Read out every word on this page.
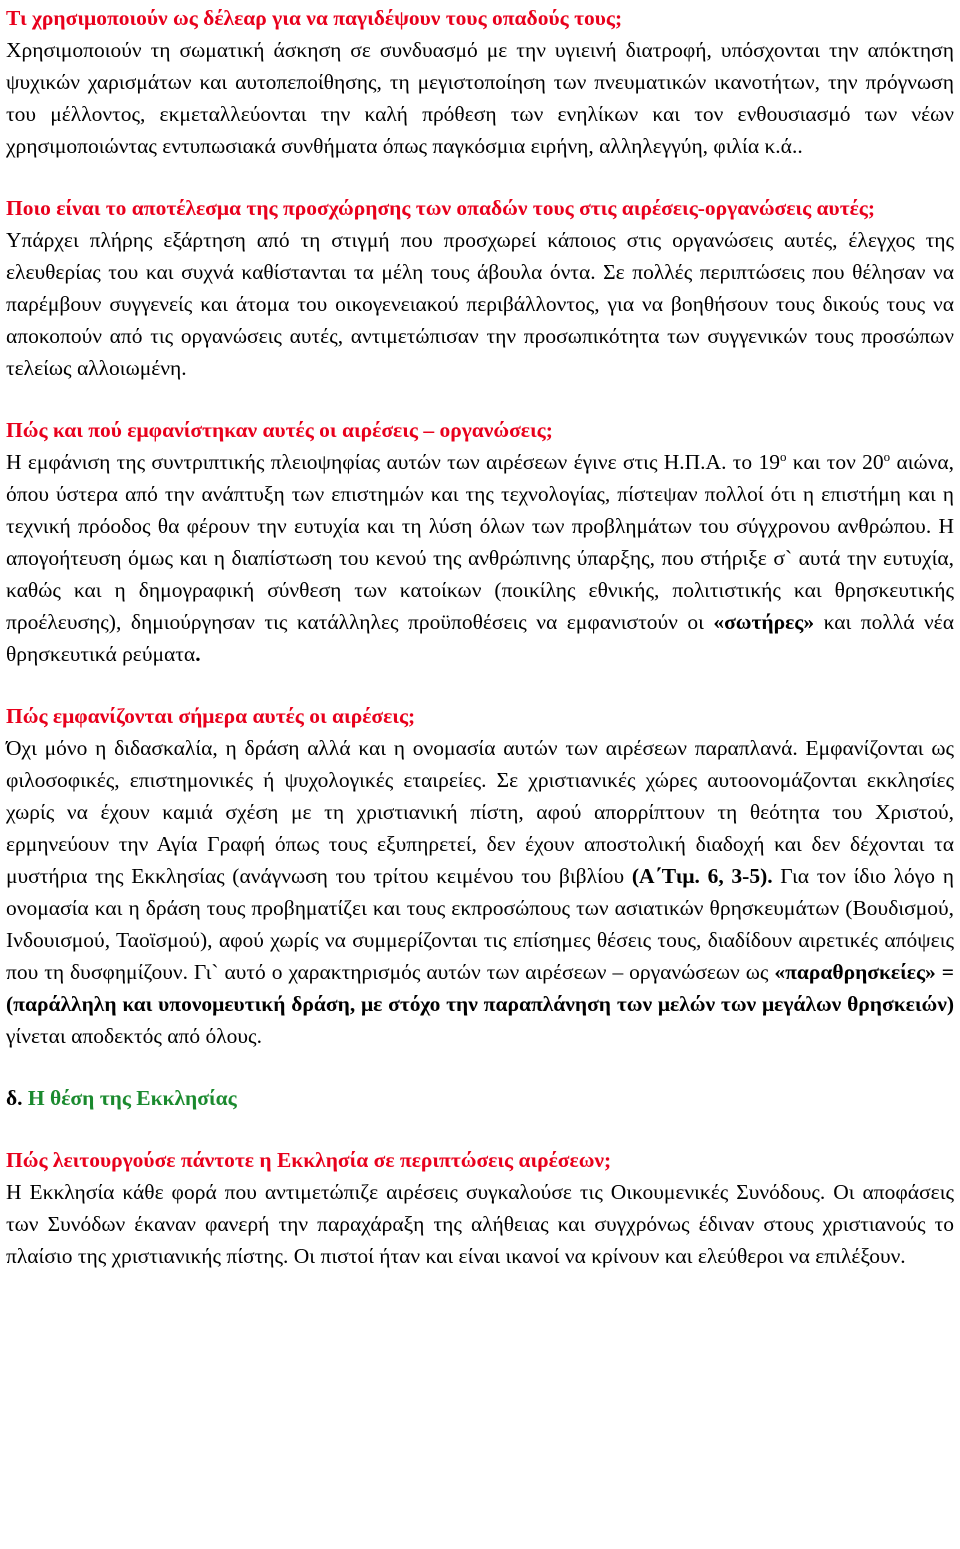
Τι χρησιμοποιούν ως δέλεαρ για να παγιδέψουν τους οπαδούς τους;

Χρησιμοποιούν τη σωματική άσκηση σε συνδυασμό με την υγιεινή διατροφή, υπόσχονται την απόκτηση ψυχικών χαρισμάτων και αυτοπεποίθησης, τη μεγιστοποίηση των πνευματικών ικανοτήτων, την πρόγνωση του μέλλοντος, εκμεταλλεύονται την καλή πρόθεση των ενηλίκων και τον ενθουσιασμό των νέων χρησιμοποιώντας εντυπωσιακά συνθήματα όπως παγκόσμια ειρήνη, αλληλεγγύη, φιλία κ.ά..

Ποιο είναι το αποτέλεσμα της προσχώρησης των οπαδών τους στις αιρέσεις-οργανώσεις αυτές;

Υπάρχει πλήρης εξάρτηση από τη στιγμή που προσχωρεί κάποιος στις οργανώσεις αυτές, έλεγχος της ελευθερίας του και συχνά καθίστανται τα μέλη τους άβουλα όντα. Σε πολλές περιπτώσεις που θέλησαν να παρέμβουν συγγενείς και άτομα του οικογενειακού περιβάλλοντος, για να βοηθήσουν τους δικούς τους να αποκοπούν από τις οργανώσεις αυτές, αντιμετώπισαν την προσωπικότητα των συγγενικών τους προσώπων τελείως αλλοιωμένη.

Πώς και πού εμφανίστηκαν αυτές οι αιρέσεις – οργανώσεις;

Η εμφάνιση της συντριπτικής πλειοψηφίας αυτών των αιρέσεων έγινε στις Η.Π.Α. το $19^o$ και τον $20^o$ αιώνα, όπου ύστερα από την ανάπτυξη των επιστημών και της τεχνολογίας, πίστεψαν πολλοί ότι η επιστήμη και η τεχνική πρόοδος θα φέρουν την ευτυχία και τη λύση όλων των προβλημάτων του σύγχρονου ανθρώπου. Η απογοήτευση όμως και η διαπίστωση του κενού της ανθρώπινης ύπαρξης, που στήριξε σ` αυτά την ευτυχία, καθώς και η δημογραφική σύνθεση των κατοίκων (ποικίλης εθνικής, πολιτιστικής και θρησκευτικής προέλευσης), δημιούργησαν τις κατάλληλες προϋποθέσεις να εμφανιστούν οι «σωτήρες» και πολλά νέα θρησκευτικά ρεύματα.

Πώς εμφανίζονται σήμερα αυτές οι αιρέσεις;

Όχι μόνο η διδασκαλία, η δράση αλλά και η ονομασία αυτών των αιρέσεων παραπλανά. Εμφανίζονται ως φιλοσοφικές, επιστημονικές ή ψυχολογικές εταιρείες. Σε χριστιανικές χώρες αυτοονομάζονται εκκλησίες χωρίς να έχουν καμιά σχέση με τη χριστιανική πίστη, αφού απορρίπτουν τη θεότητα του Χριστού, ερμηνεύουν την Αγία Γραφή όπως τους εξυπηρετεί, δεν έχουν αποστολική διαδοχή και δεν δέχονται τα μυστήρια της Εκκλησίας (ανάγνωση του τρίτου κειμένου του βιβλίου (Α΄Τιμ. 6, 3-5). Για τον ίδιο λόγο η ονομασία και η δράση τους προβηματίζει και τους εκπροσώπους των ασιατικών θρησκευμάτων (Βουδισμού, Ινδουισμού, Ταοϊσμού), αφού χωρίς να συμμερίζονται τις επίσημες θέσεις τους, διαδίδουν αιρετικές απόψεις που τη δυσφημίζουν. Γι` αυτό ο χαρακτηρισμός αυτών των αιρέσεων – οργανώσεων ως «παραθρησκείες» = (παράλληλη και υπονομευτική δράση, με στόχο την παραπλάνηση των μελών των μεγάλων θρησκειών) γίνεται αποδεκτός από όλους.

δ. Η θέση της Εκκλησίας

Πώς λειτουργούσε πάντοτε η Εκκλησία σε περιπτώσεις αιρέσεων;

Η Εκκλησία κάθε φορά που αντιμετώπιζε αιρέσεις συγκαλούσε τις Οικουμενικές Συνόδους. Οι αποφάσεις των Συνόδων έκαναν φανερή την παραχάραξη της αλήθειας και συγχρόνως έδιναν στους χριστιανούς το πλαίσιο της χριστιανικής πίστης. Οι πιστοί ήταν και είναι ικανοί να κρίνουν και ελεύθεροι να επιλέξουν.
